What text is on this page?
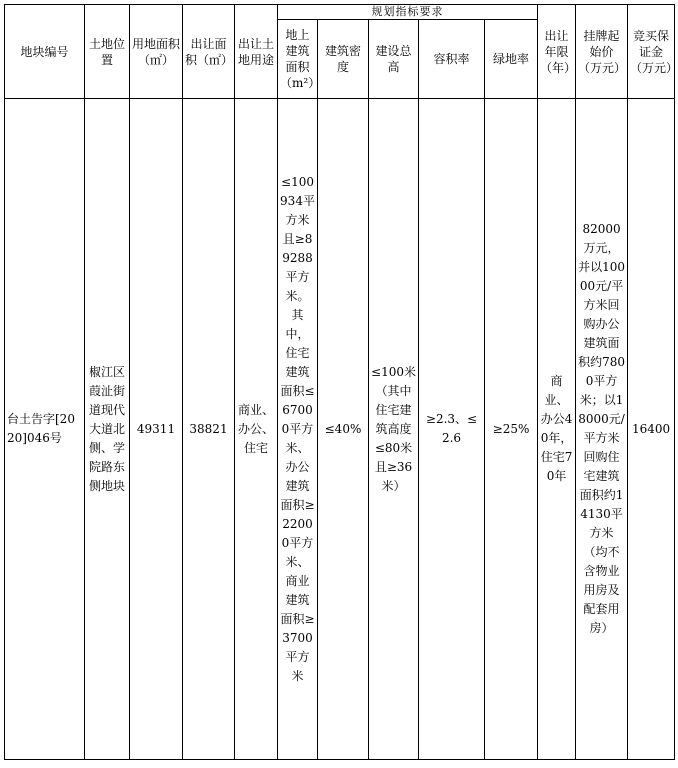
地块编号	土地位置	用地面积（㎡）	出让面积（㎡）	出让土地用途	规划指标要求					出让年限（年）	挂牌起始价（万元）	竞买保证金（万元）
					地上建筑面积（m²）	建筑密度	建设总高	容积率	绿地率			
台土告字[2020]046号	椒江区葭沚街道现代大道北侧、学院路东侧地块	49311	38821	商业、办公、住宅	≤100934平方米且≥89288平方米。其中，住宅建筑面积≤67000平方米、办公建筑面积≥22000平方米、商业建筑面积≥3700平方米	≤40%	≤100米（其中住宅建筑高度≤80米且≥36米）	≥2.3、≤2.6	≥25%	商业、办公40年，住宅70年	82000万元，并以10000元/平方米回购办公建筑面积约7800平方米；以18000元/平方米回购住宅建筑面积约14130平方米（均不含物业用房及配套用房）	16400
